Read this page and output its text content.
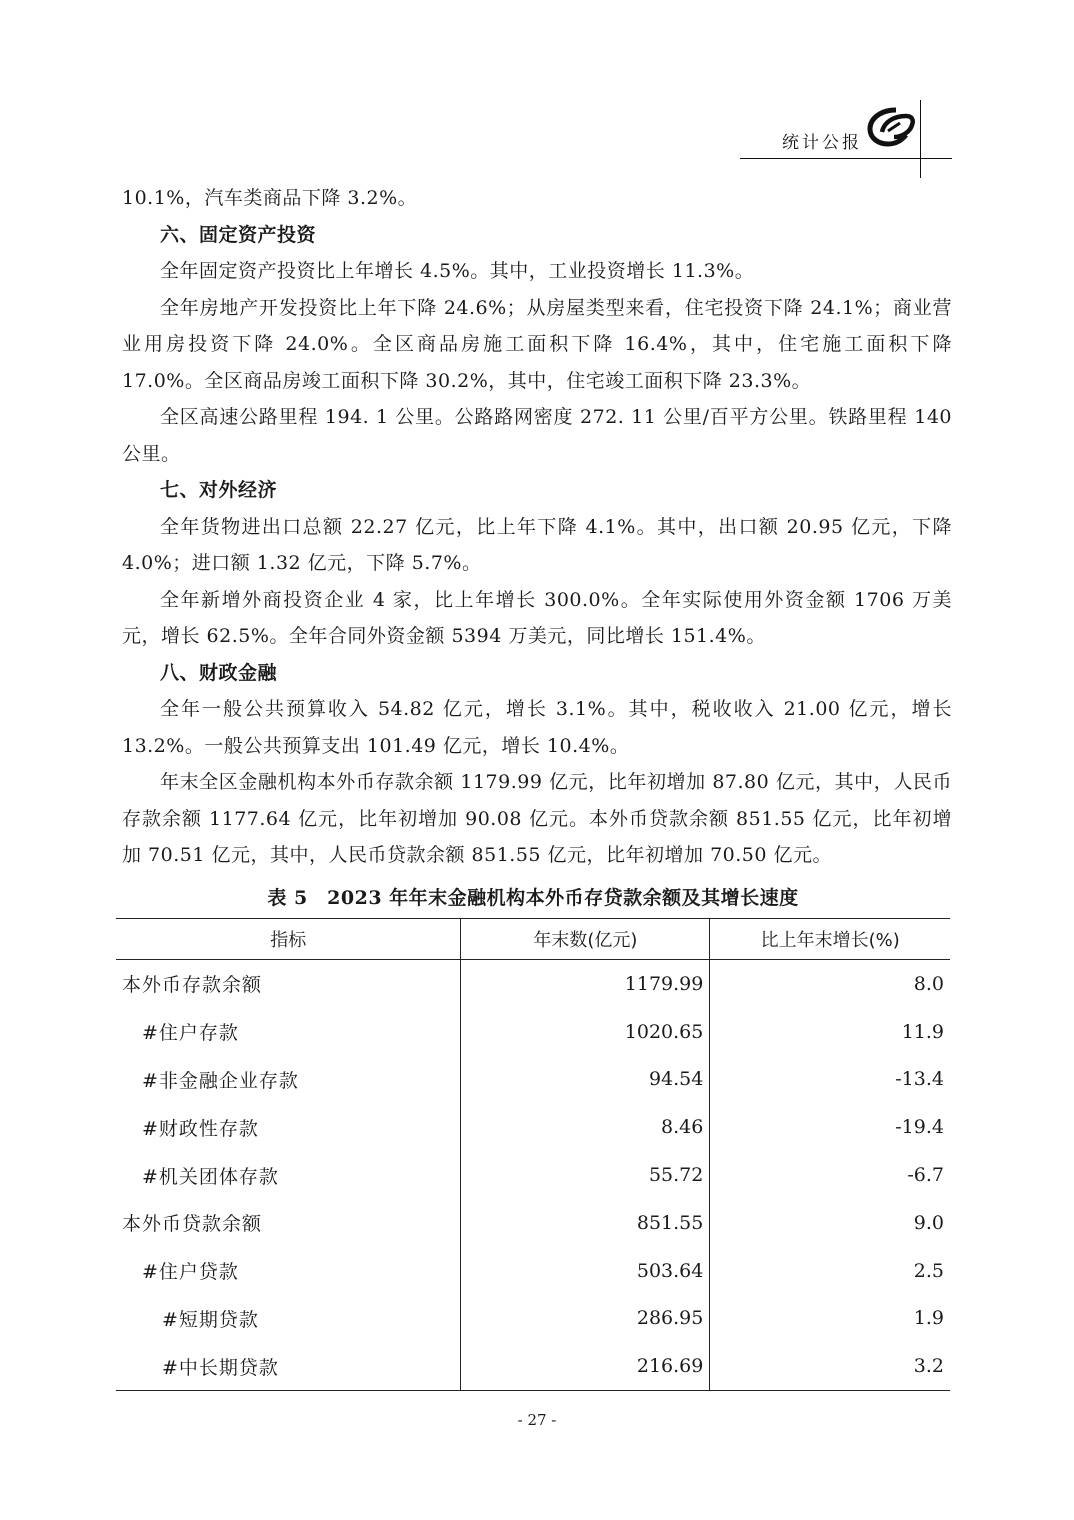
统计公报

10.1%，汽车类商品下降 3.2%。

六、固定资产投资

全年固定资产投资比上年增长 4.5%。其中，工业投资增长 11.3%。

全年房地产开发投资比上年下降 24.6%；从房屋类型来看，住宅投资下降 24.1%；商业营业用房投资下降 24.0%。全区商品房施工面积下降 16.4%，其中，住宅施工面积下降 17.0%。全区商品房竣工面积下降 30.2%，其中，住宅竣工面积下降 23.3%。

全区高速公路里程 194. 1 公里。公路路网密度 272. 11 公里/百平方公里。铁路里程 140 公里。

七、对外经济

全年货物进出口总额 22.27 亿元，比上年下降 4.1%。其中，出口额 20.95 亿元，下降 4.0%；进口额 1.32 亿元，下降 5.7%。

全年新增外商投资企业 4 家，比上年增长 300.0%。全年实际使用外资金额 1706 万美元，增长 62.5%。全年合同外资金额 5394 万美元，同比增长 151.4%。

八、财政金融

全年一般公共预算收入 54.82 亿元，增长 3.1%。其中，税收收入 21.00 亿元，增长 13.2%。一般公共预算支出 101.49 亿元，增长 10.4%。

年末全区金融机构本外币存款余额 1179.99 亿元，比年初增加 87.80 亿元，其中，人民币存款余额 1177.64 亿元，比年初增加 90.08 亿元。本外币贷款余额 851.55 亿元，比年初增加 70.51 亿元，其中，人民币贷款余额 851.55 亿元，比年初增加 70.50 亿元。

表 5　2023 年年末金融机构本外币存贷款余额及其增长速度
指标	年末数(亿元)	比上年末增长(%)
本外币存款余额	1179.99	8.0
#住户存款	1020.65	11.9
#非金融企业存款	94.54	-13.4
#财政性存款	8.46	-19.4
#机关团体存款	55.72	-6.7
本外币贷款余额	851.55	9.0
#住户贷款	503.64	2.5
#短期贷款	286.95	1.9
#中长期贷款	216.69	3.2
- 27 -
